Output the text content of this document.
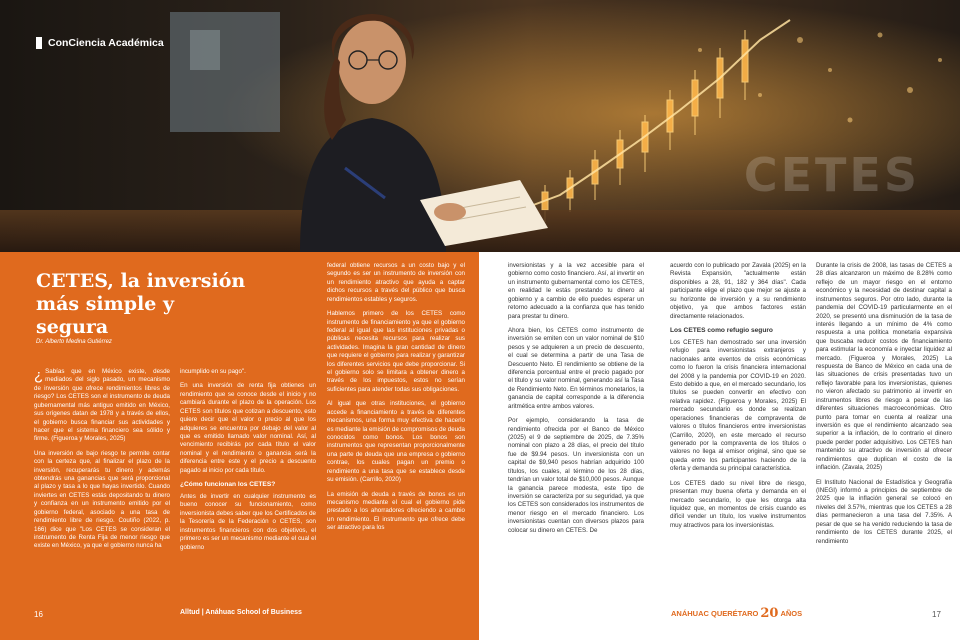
ConCiencia Académica
CETES
CETES, la inversión más simple y segura
Dr. Alberto Medina Gutiérrez

¿ Sabías que en México existe, desde mediados del siglo pasado, un mecanismo de inversión que ofrece rendimientos libres de riesgo? Los CETES son el instrumento de deuda gubernamental más antiguo emitido en México, sus orígenes datan de 1978 y a través de ellos, el gobierno busca financiar sus actividades y hacer que el sistema financiero sea sólido y firme. (Figueroa y Morales, 2025)

Una inversión de bajo riesgo te permite contar con la certeza que, al finalizar el plazo de la inversión, recuperarás tu dinero y además obtendrás una ganancias que será proporcional al plazo y tasa a lo que hayas invertido. Cuando inviertes en CETES estás depositando tu dinero y confianza en un instrumento emitido por el gobierno federal, asociado a una tasa de rendimiento libre de riesgo. Coutiño (2022, p. 166) dice que "Los CETES se consideran el instrumento de Renta Fija de menor riesgo que existe en México, ya que el gobierno nunca ha

incumplido en su pago".

En una inversión de renta fija obtienes un rendimiento que se conoce desde el inicio y no cambiará durante el plazo de la operación. Los CETES son títulos que cotizan a descuento, esto quiere decir que el valor o precio al que los adquieres se encuentra por debajo del valor al que es emitido llamado valor nominal. Así, al vencimiento recibirás por cada título el valor nominal y el rendimiento o ganancia será la diferencia entre este y el precio a descuento pagado al inicio por cada título.

¿Cómo funcionan los CETES?

Antes de invertir en cualquier instrumento es bueno conocer su funcionamiento, como inversionista debes saber que los Certificados de la Tesorería de la Federación o CETES, son instrumentos financieros con dos objetivos, el primero es ser un mecanismo mediante el cual el gobierno

federal obtiene recursos a un costo bajo y el segundo es ser un instrumento de inversión con un rendimiento atractivo que ayuda a captar dichos recursos a través del público que busca rendimientos estables y seguros.

Hablemos primero de los CETES como instrumento de financiamiento ya que el gobierno federal al igual que las instituciones privadas o públicas necesita recursos para realizar sus actividades. Imagina la gran cantidad de dinero que requiere el gobierno para realizar y garantizar los diferentes servicios que debe proporcionar. Si el gobierno solo se limitara a obtener dinero a través de los impuestos, estos no serían suficientes para atender todas sus obligaciones.

Al igual que otras instituciones, el gobierno accede a financiamiento a través de diferentes mecanismos, una forma muy efectiva de hacerlo es mediante la emisión de compromisos de deuda conocidos como bonos. Los bonos son instrumentos que representan proporcionalmente una parte de deuda que una empresa o gobierno contrae, los cuales pagan un premio o rendimiento a una tasa que se establece desde su emisión. (Carrillo, 2020)

La emisión de deuda a través de bonos es un mecanismo mediante el cual el gobierno pide prestado a los ahorradores ofreciendo a cambio un rendimiento. El instrumento que ofrece debe ser atractivo para los

inversionistas y a la vez accesible para el gobierno como costo financiero. Así, al invertir en un instrumento gubernamental como los CETES, en realidad le estás prestando tu dinero al gobierno y a cambio de ello puedes esperar un retorno adecuado a la confianza que has tenido para prestar tu dinero.

Ahora bien, los CETES como instrumento de inversión se emiten con un valor nominal de $10 pesos y se adquieren a un precio de descuento, el cual se determina a partir de una Tasa de Descuento Neto. El rendimiento se obtiene de la diferencia porcentual entre el precio pagado por el título y su valor nominal, generando así la Tasa de Rendimiento Neto. En términos monetarios, la ganancia de capital corresponde a la diferencia aritmética entre ambos valores.

Por ejemplo, considerando la tasa de rendimiento ofrecida por el Banco de México (2025) el 9 de septiembre de 2025, de 7.35% nominal con plazo a 28 días, el precio del título fue de $9.94 pesos. Un inversionista con un capital de $9,940 pesos habrían adquirido 100 títulos, los cuales, al término de los 28 días, tendrían un valor total de $10,000 pesos. Aunque la ganancia parece modesta, este tipo de inversión se caracteriza por su seguridad, ya que los CETES son considerados los instrumentos de menor riesgo en el mercado financiero. Los inversionistas cuentan con diversos plazos para colocar su dinero en CETES. De

acuerdo con lo publicado por Zavala (2025) en la Revista Expansión, "actualmente están disponibles a 28, 91, 182 y 364 días". Cada participante elige el plazo que mejor se ajuste a su horizonte de inversión y a su rendimiento objetivo, ya que ambos factores están directamente relacionados.

Los CETES como refugio seguro

Los CETES han demostrado ser una inversión refugio para inversionistas extranjeros y nacionales ante eventos de crisis económicas como lo fueron la crisis financiera internacional del 2008 y la pandemia por COVID-19 en 2020. Esto debido a que, en el mercado secundario, los títulos se pueden convertir en efectivo con relativa rapidez. (Figueroa y Morales, 2025) El mercado secundario es donde se realizan operaciones financieras de compraventa de valores o títulos financieros entre inversionistas (Carrillo, 2020), en este mercado el recurso generado por la compraventa de los títulos o valores no llega al emisor original, sino que se queda entre los participantes haciendo de la oferta y demanda su principal característica.

Los CETES dado su nivel libre de riesgo, presentan muy buena oferta y demanda en el mercado secundario, lo que les otorga alta liquidez que, en momentos de crisis cuando es difícil vender un título, los vuelve instrumentos muy atractivos para los inversionistas.

Durante la crisis de 2008, las tasas de CETES a 28 días alcanzaron un máximo de 8.28% como reflejo de un mayor riesgo en el entorno económico y la necesidad de destinar capital a instrumentos seguros. Por otro lado, durante la pandemia del COVID-19 particularmente en el 2020, se presentó una disminución de la tasa de interés llegando a un mínimo de 4% como respuesta a una política monetaria expansiva que buscaba reducir costos de financiamiento para estimular la economía e inyectar liquidez al mercado. (Figueroa y Morales, 2025) La respuesta de Banco de México en cada una de las situaciones de crisis presentadas tuvo un reflejo favorable para los inversionistas, quienes no vieron afectado su patrimonio al invertir en instrumentos libres de riesgo a pesar de las diferentes situaciones macroeconómicas. Otro punto para tomar en cuenta al realizar una inversión es que el rendimiento alcanzado sea superior a la inflación, de lo contrario el dinero puede perder poder adquisitivo. Los CETES han mantenido su atractivo de inversión al ofrecer rendimientos que duplican el costo de la inflación. (Zavala, 2025)

El Instituto Nacional de Estadística y Geografía (INEGI) informó a principios de septiembre de 2025 que la inflación general se colocó en niveles del 3.57%, mientras que los CETES a 28 días permanecieron a una tasa del 7.35%. A pesar de que se ha venido reduciendo la tasa de rendimiento de los CETES durante 2025, el rendimiento

16	Alltud | Anáhuac School of Business	ANÁHUAC QUERÉTARO 20 AÑOS	17
